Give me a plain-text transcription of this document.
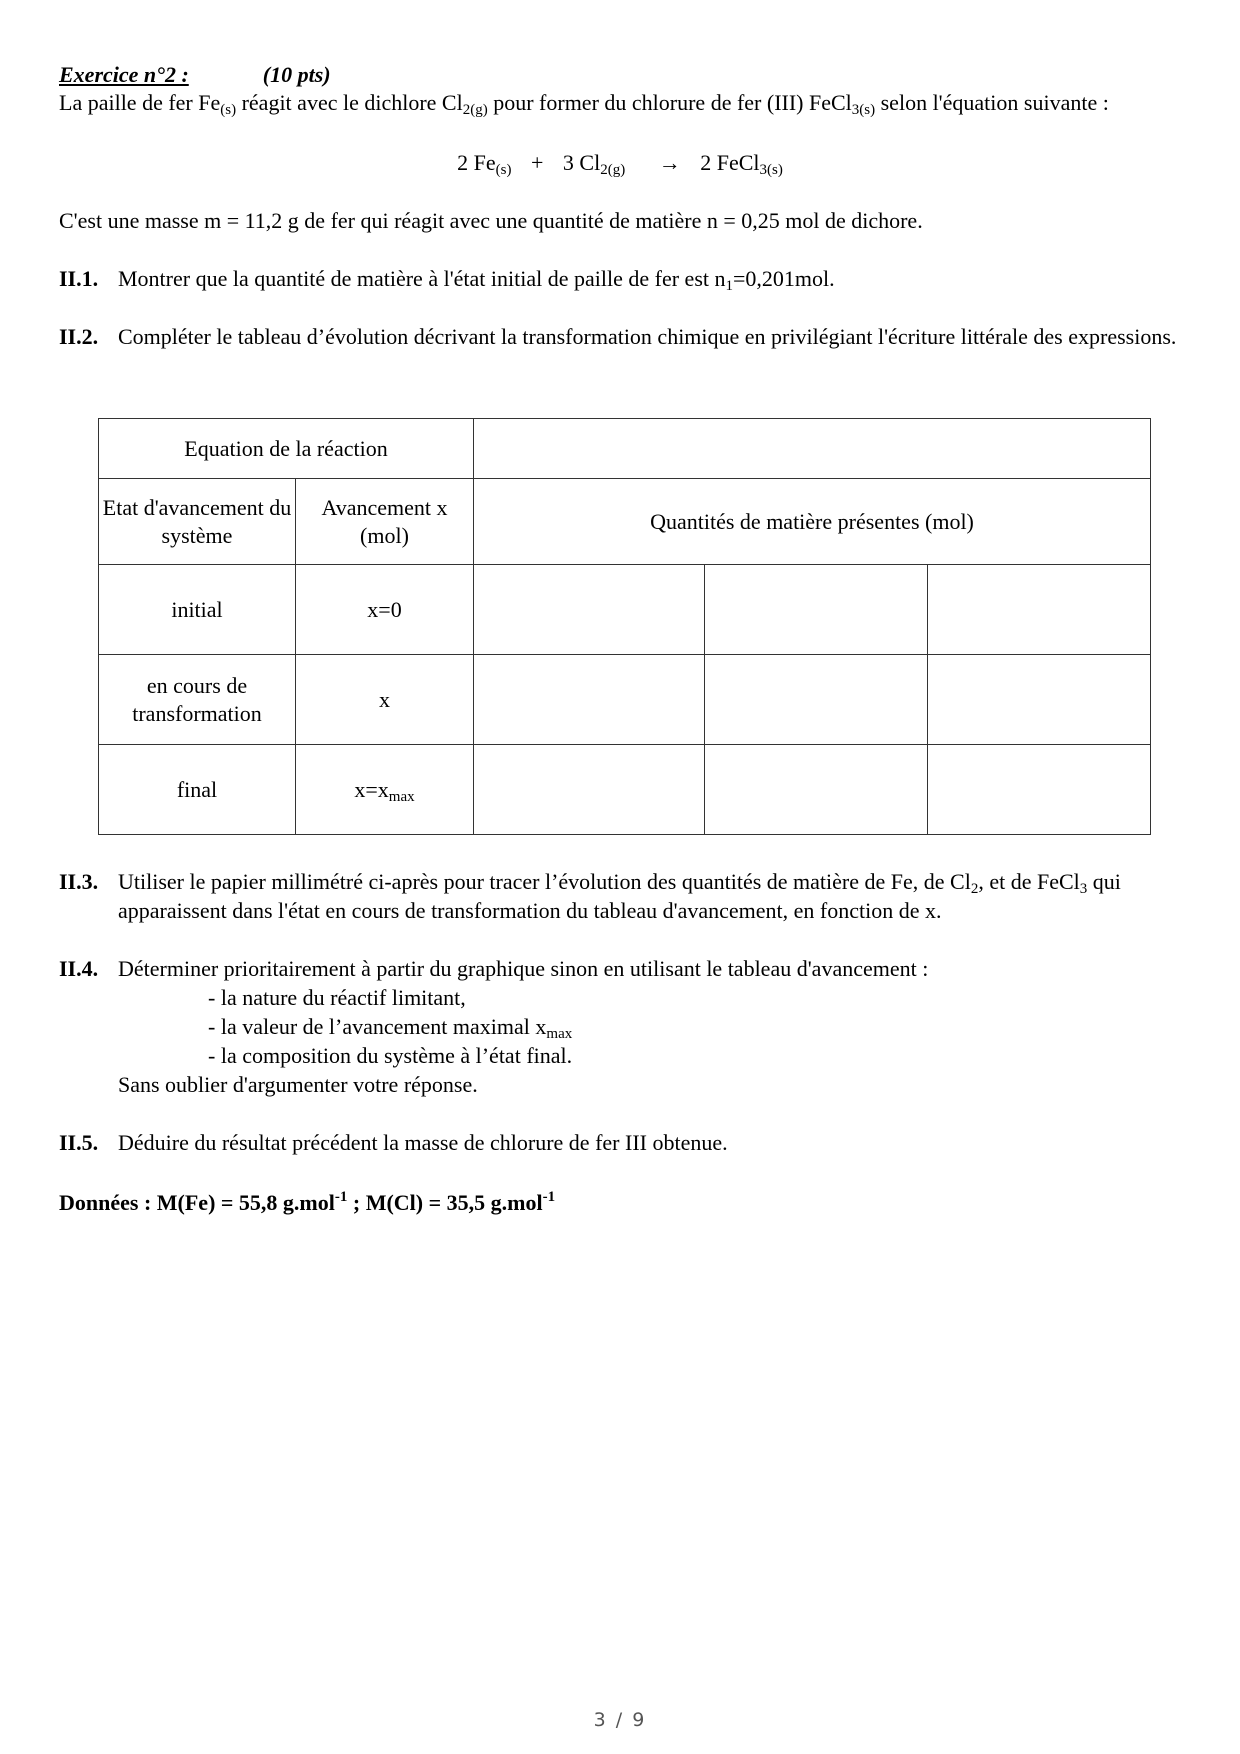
Exercice n°2 :	(10 pts)
La paille de fer $Fe_{(s)}$ réagit avec le dichlore $Cl_{2(g)}$ pour former du chlorure de fer (III) FeCl$_{3(s)}$ selon l'équation suivante :
2 $Fe_{(s)} + 3$ $Cl_{2(g)} \to 2$ FeCl$_{3(s)}$
C'est une masse m = 11,2 g de fer qui réagit avec une quantité de matière n = 0,25 mol de dichore.
II.1. Montrer que la quantité de matière à l'état initial de paille de fer est $n_1=0,201mol$.
II.2. Compléter le tableau d’évolution décrivant la transformation chimique en privilégiant l'écriture littérale des expressions.
Equation de la réaction				
Etat d'avancement du système	Avancement x (mol)	Quantités de matière présentes (mol)		
initial	x=0			
en cours de transformation	x			
final	$x=x_{max}$			
II.3. Utiliser le papier millimétré ci-après pour tracer l’évolution des quantités de matière de Fe, de $Cl_2$, et de FeCl$_3$ qui apparaissent dans l'état en cours de transformation du tableau d'avancement, en fonction de x.
II.4. Déterminer prioritairement à partir du graphique sinon en utilisant le tableau d'avancement :
- la nature du réactif limitant,
- la valeur de l’avancement maximal $x_{max}$
- la composition du système à l’état final.
Sans oublier d'argumenter votre réponse.
II.5. Déduire du résultat précédent la masse de chlorure de fer III obtenue.
Données : M(Fe) = 55,8 g.mol$^{-1}$ ; M(Cl) = 35,5 g.mol$^{-1}$
3 / 9
